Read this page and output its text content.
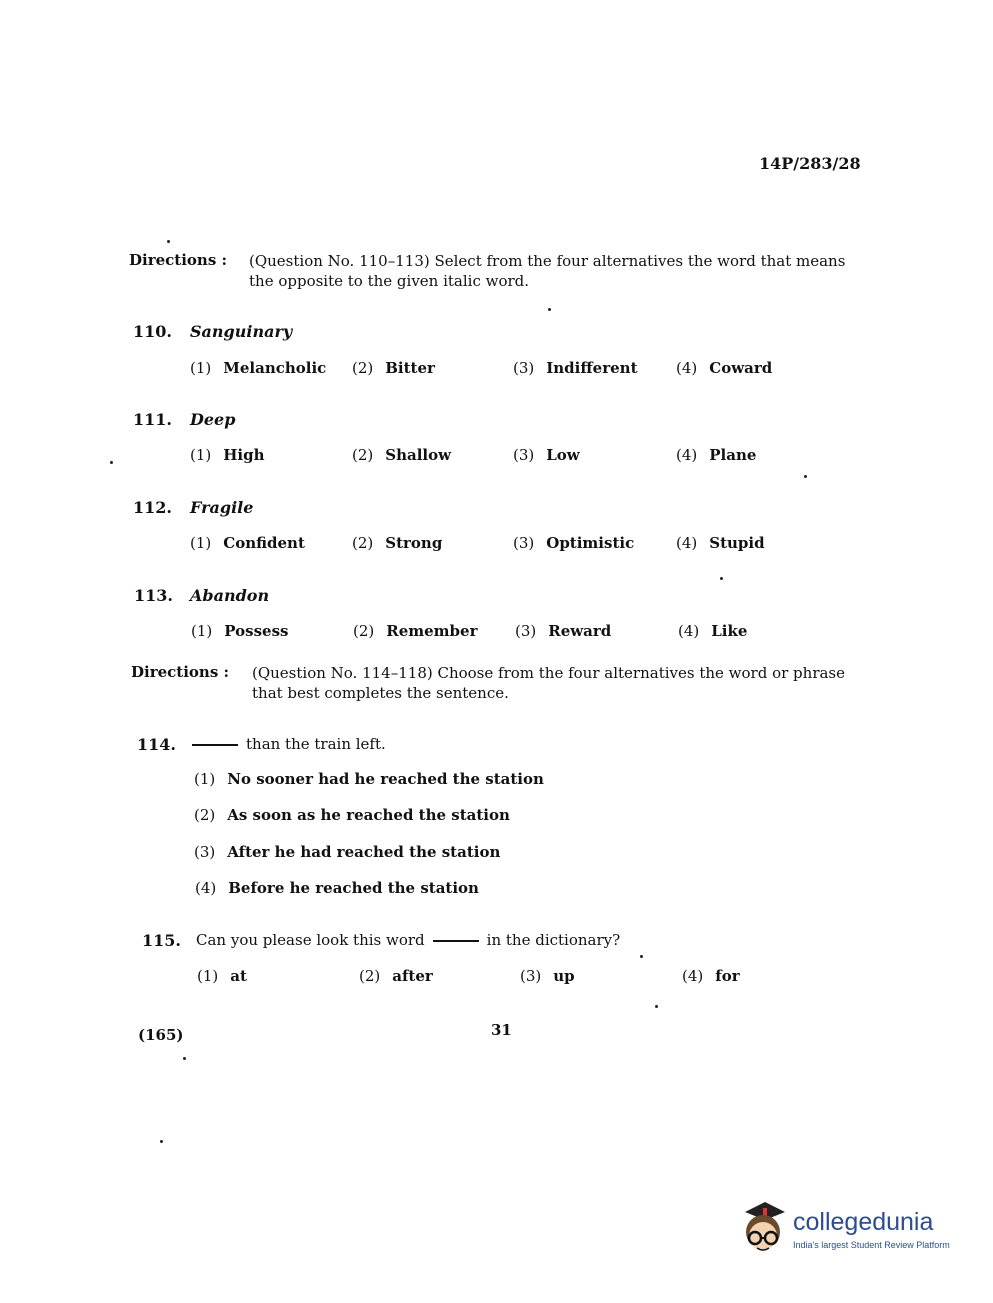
14P/283/28
Directions : (Question No. 110–113) Select from the four alternatives the word that means the opposite to the given italic word.
110. Sanguinary
(1) Melancholic (2) Bitter	(3) Indifferent	(4) Coward
111. Deep
(1) High	(2) Shallow	(3) Low	(4) Plane
112. Fragile
(1) Confident	(2) Strong	(3) Optimistic	(4) Stupid
113. Abandon
(1) Possess	(2) Remember	(3) Reward	(4) Like
Directions : (Question No. 114–118) Choose from the four alternatives the word or phrase that best completes the sentence.
114.	than the train left.
(1) No sooner had he reached the station
(2) As soon as he reached the station
(3) After he had reached the station
(4) Before he reached the station
115. Can you please look this word	in the dictionary?
(1) at	(2) after	(3) up	(4) for
(165)	31
collegedunia
India's largest Student Review Platform
